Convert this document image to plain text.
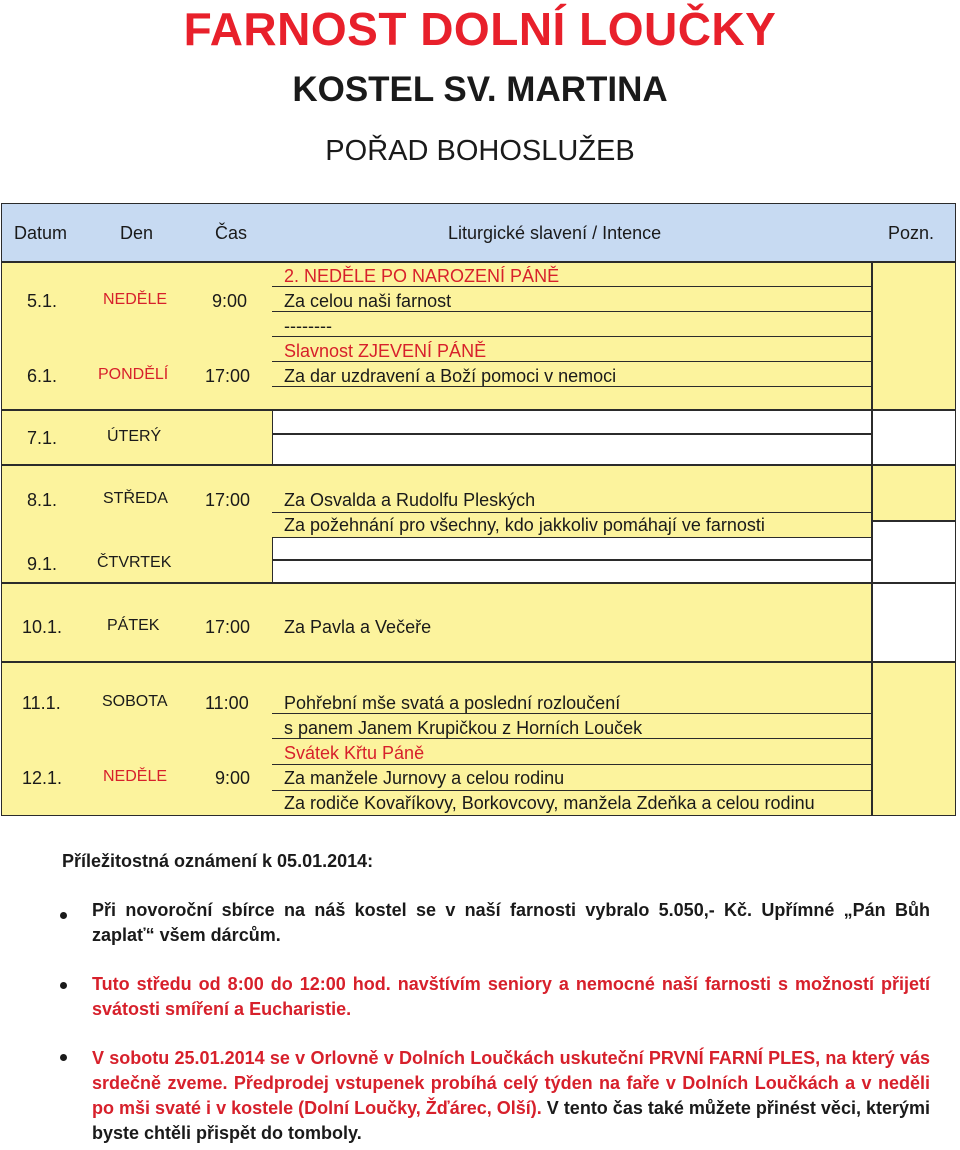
FARNOST DOLNÍ LOUČKY
KOSTEL SV. MARTINA
POŘAD BOHOSLUŽEB
Datum	Den	Čas	Liturgické slavení / Intence	Pozn.
5.1.	NEDĚLE 9:00
2. NEDĚLE PO NAROZENÍ PÁNĚ
Za celou naši farnost
--------
6.1.	PONDĚLÍ 17:00
Slavnost ZJEVENÍ PÁNĚ
Za dar uzdravení a Boží pomoci v nemoci
7.1.	ÚTERÝ
8.1.	STŘEDA 17:00 Za Osvalda a Rudolfu Pleských
Za požehnání pro všechny, kdo jakkoliv pomáhají ve farnosti
9.1. ČTVRTEK
10.1.	PÁTEK	17:00 Za Pavla a Večeře
11.1.	SOBOTA 11:00 Pohřební mše svatá a poslední rozloučení
s panem Janem Krupičkou z Horních Louček
12.1.	NEDĚLE	9:00
Svátek Křtu Páně
Za manžele Jurnovy a celou rodinu
Za rodiče Kovaříkovy, Borkovcovy, manžela Zdeňka a celou rodinu

Příležitostná oznámení k 05.01.2014:

Při novoroční sbírce na náš kostel se v naší farnosti vybralo 5.050,- Kč. Upřímné „Pán Bůh zaplať“ všem dárcům.

Tuto středu od 8:00 do 12:00 hod. navštívím seniory a nemocné naší farnosti s možností přijetí svátosti smíření a Eucharistie.

V sobotu 25.01.2014 se v Orlovně v Dolních Loučkách uskuteční PRVNÍ FARNÍ PLES, na který vás srdečně zveme. Předprodej vstupenek probíhá celý týden na faře v Dolních Loučkách a v neděli po mši svaté i v kostele (Dolní Loučky, Žďárec, Olší). V tento čas také můžete přinést věci, kterými byste chtěli přispět do tomboly.
